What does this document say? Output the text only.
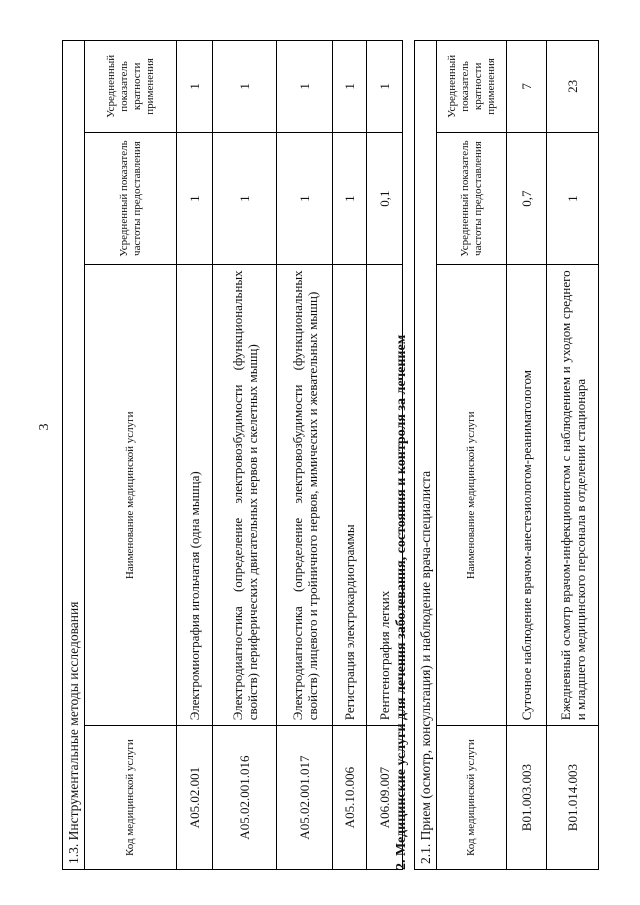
3
1.3. Инструментальные методы исследования			
Код медицинской услуги	Наименование медицинской услуги	Усредненный показатель частоты предоставления	Усредненный показатель кратности применения
A05.02.001	Электромиография игольчатая (одна мышца)	1	1
A05.02.001.016	Электродиагностика (определение электровозбудимости (функциональных свойств) периферических двигательных нервов и скелетных мышц)	1	1
A05.02.001.017	Электродиагностика (определение электровозбудимости (функциональных свойств) лицевого и тройничного нервов, мимических и жевательных мышц)	1	1
A05.10.006	Регистрация электрокардиограммы	1	1
A06.09.007	Рентгенография легких	0,1	1
2. Медицинские услуги для лечения заболевания, состояния и контроля за лечением 2.1. Прием (осмотр, консультация) и наблюдение врача-специалиста			
Код медицинской услуги	Наименование медицинской услуги	Усредненный показатель частоты предоставления	Усредненный показатель кратности применения
B01.003.003	Суточное наблюдение врачом-анестезиологом-реаниматологом	0,7	7
B01.014.003	Ежедневный осмотр врачом-инфекционистом с наблюдением и уходом среднего и младшего медицинского персонала в отделении стационара	1	23
